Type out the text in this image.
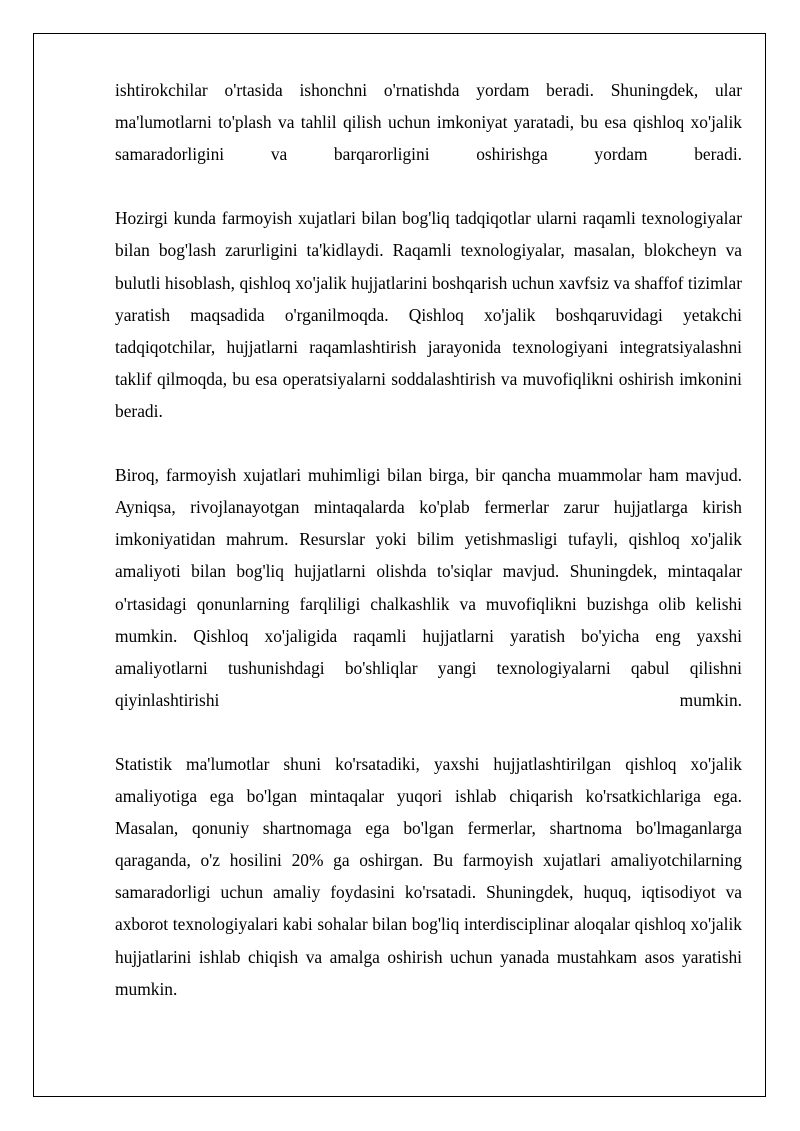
ishtirokchilar o'rtasida ishonchni o'rnatishda yordam beradi. Shuningdek, ular ma'lumotlarni to'plash va tahlil qilish uchun imkoniyat yaratadi, bu esa qishloq xo'jalik samaradorligini va barqarorligini oshirishga yordam beradi.

Hozirgi kunda farmoyish xujatlari bilan bog'liq tadqiqotlar ularni raqamli texnologiyalar bilan bog'lash zarurligini ta'kidlaydi. Raqamli texnologiyalar, masalan, blokcheyn va bulutli hisoblash, qishloq xo'jalik hujjatlarini boshqarish uchun xavfsiz va shaffof tizimlar yaratish maqsadida o'rganilmoqda. Qishloq xo'jalik boshqaruvidagi yetakchi tadqiqotchilar, hujjatlarni raqamlashtirish jarayonida texnologiyani integratsiyalashni taklif qilmoqda, bu esa operatsiyalarni soddalashtirish va muvofiqlikni oshirish imkonini beradi.

Biroq, farmoyish xujatlari muhimligi bilan birga, bir qancha muammolar ham mavjud. Ayniqsa, rivojlanayotgan mintaqalarda ko'plab fermerlar zarur hujjatlarga kirish imkoniyatidan mahrum. Resurslar yoki bilim yetishmasligi tufayli, qishloq xo'jalik amaliyoti bilan bog'liq hujjatlarni olishda to'siqlar mavjud. Shuningdek, mintaqalar o'rtasidagi qonunlarning farqliligi chalkashlik va muvofiqlikni buzishga olib kelishi mumkin. Qishloq xo'jaligida raqamli hujjatlarni yaratish bo'yicha eng yaxshi amaliyotlarni tushunishdagi bo'shliqlar yangi texnologiyalarni qabul qilishni qiyinlashtirishi mumkin.

Statistik ma'lumotlar shuni ko'rsatadiki, yaxshi hujjatlashtirilgan qishloq xo'jalik amaliyotiga ega bo'lgan mintaqalar yuqori ishlab chiqarish ko'rsatkichlariga ega. Masalan, qonuniy shartnomaga ega bo'lgan fermerlar, shartnoma bo'lmaganlarga qaraganda, o'z hosilini 20% ga oshirgan. Bu farmoyish xujatlari amaliyotchilarning samaradorligi uchun amaliy foydasini ko'rsatadi. Shuningdek, huquq, iqtisodiyot va axborot texnologiyalari kabi sohalar bilan bog'liq interdisciplinar aloqalar qishloq xo'jalik hujjatlarini ishlab chiqish va amalga oshirish uchun yanada mustahkam asos yaratishi mumkin.
